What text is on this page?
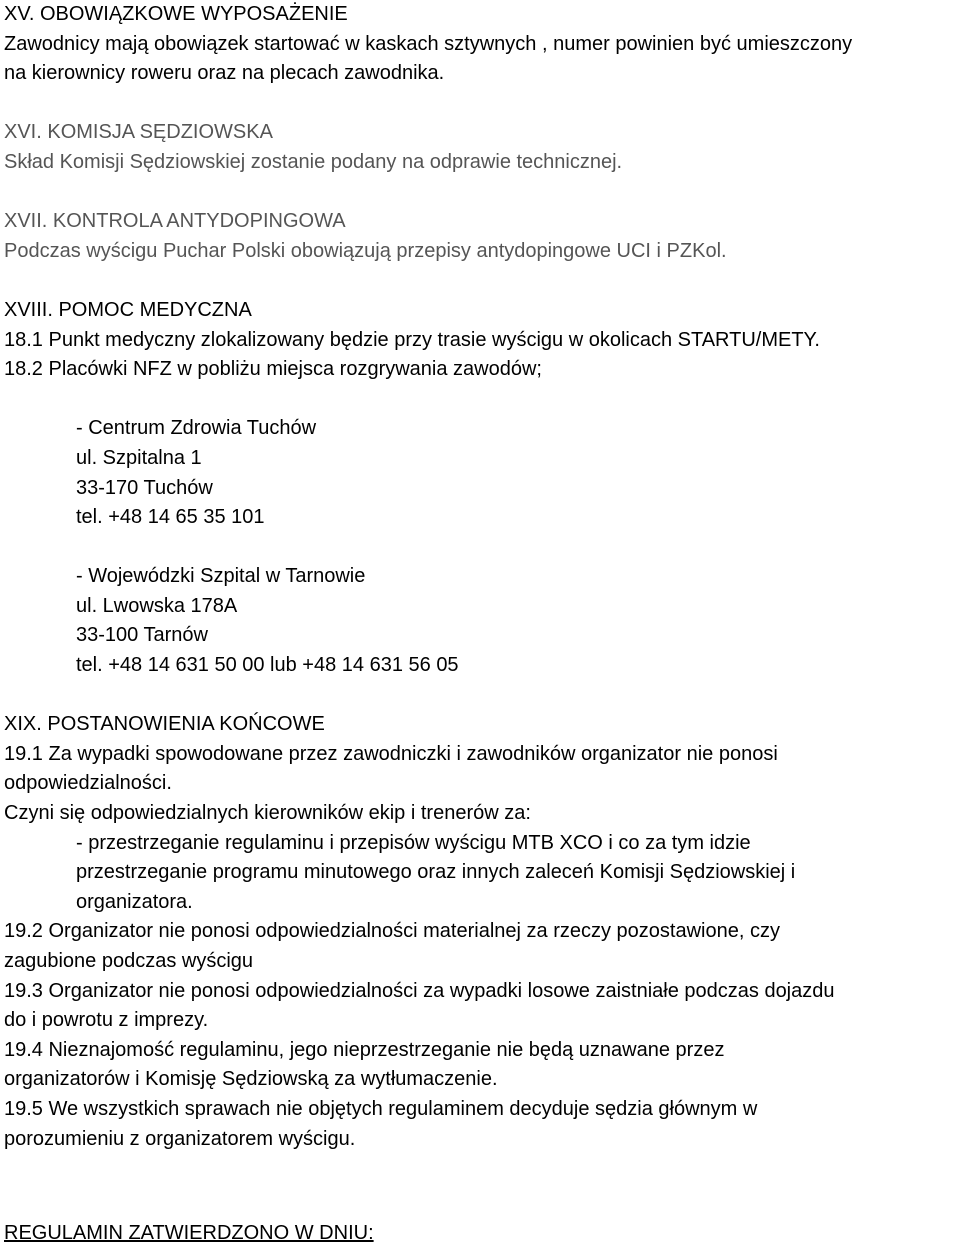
XV. OBOWIĄZKOWE WYPOSAŻENIE
Zawodnicy mają obowiązek startować w kaskach sztywnych , numer powinien być umieszczony
na kierownicy roweru oraz na plecach zawodnika.
XVI. KOMISJA SĘDZIOWSKA
Skład Komisji Sędziowskiej zostanie podany na odprawie technicznej.
XVII. KONTROLA ANTYDOPINGOWA
Podczas wyścigu Puchar Polski obowiązują przepisy antydopingowe UCI i PZKol.
XVIII. POMOC MEDYCZNA
18.1 Punkt medyczny zlokalizowany będzie przy trasie wyścigu w okolicach STARTU/METY.
18.2 Placówki NFZ w pobliżu miejsca rozgrywania zawodów;
- Centrum Zdrowia Tuchów
ul. Szpitalna 1
33-170 Tuchów
tel. +48 14 65 35 101
- Wojewódzki Szpital w Tarnowie
ul. Lwowska 178A
33-100 Tarnów
tel. +48 14 631 50 00 lub +48 14 631 56 05
XIX. POSTANOWIENIA KOŃCOWE
19.1 Za wypadki spowodowane przez zawodniczki i zawodników organizator nie ponosi
odpowiedzialności.
Czyni się odpowiedzialnych kierowników ekip i trenerów za:
- przestrzeganie regulaminu i przepisów wyścigu MTB XCO i co za tym idzie
przestrzeganie programu minutowego oraz innych zaleceń Komisji Sędziowskiej i
organizatora.
19.2 Organizator nie ponosi odpowiedzialności materialnej za rzeczy pozostawione, czy
zagubione podczas wyścigu
19.3 Organizator nie ponosi odpowiedzialności za wypadki losowe zaistniałe podczas dojazdu
do i powrotu z imprezy.
19.4 Nieznajomość regulaminu, jego nieprzestrzeganie nie będą uznawane przez
organizatorów i Komisję Sędziowską za wytłumaczenie.
19.5 We wszystkich sprawach nie objętych regulaminem decyduje sędzia głównym w
porozumieniu z organizatorem wyścigu.
REGULAMIN ZATWIERDZONO W DNIU:
